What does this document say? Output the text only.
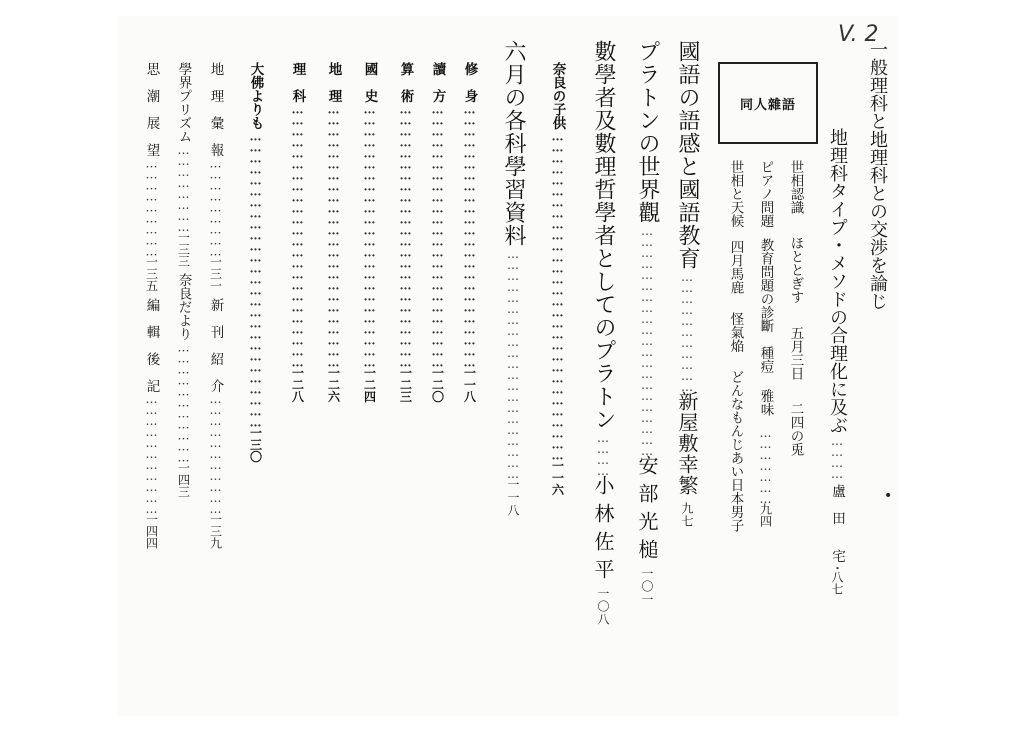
V. 2
•
一般理科と地理科との交渉を論じ
地理科タイプ・メソドの合理化に及ぶ…………盧　田宅・八七
同人雜語
世相認識ほととぎす五月三日二四の兎
ピアノ問題教育問題の診斷種痘雅味…………………九四
世相と天候四月馬鹿怪氣焔どんなもんじあい日本男子
國語の語感と國語教育……………………………新屋敷幸繁九七
プラトンの世界觀………………………………………………………安部光槌一〇一
數學者及數理哲學者としてのプラトン…………小林佐平一〇八
奈良の子供………………………………………………………………………………一一六
六月の各科學習資料………………………………………………………一一八
修　身………………………………………………………………一一八
讀　方………………………………………………………………一二〇
算　術………………………………………………………………一二三
國　史………………………………………………………………一二四
地　理………………………………………………………………一二六
理　科………………………………………………………………一二八
大佛よりも………………………………………………………………………一三〇
地　理　彙　報………………………一三一新　刊　紹　介……………………………一三九
學界プリズム……………………一三三奈良だより……………………………一四三
思　潮　展　望………………………一三五編　輯　後　記……………………………一四四
